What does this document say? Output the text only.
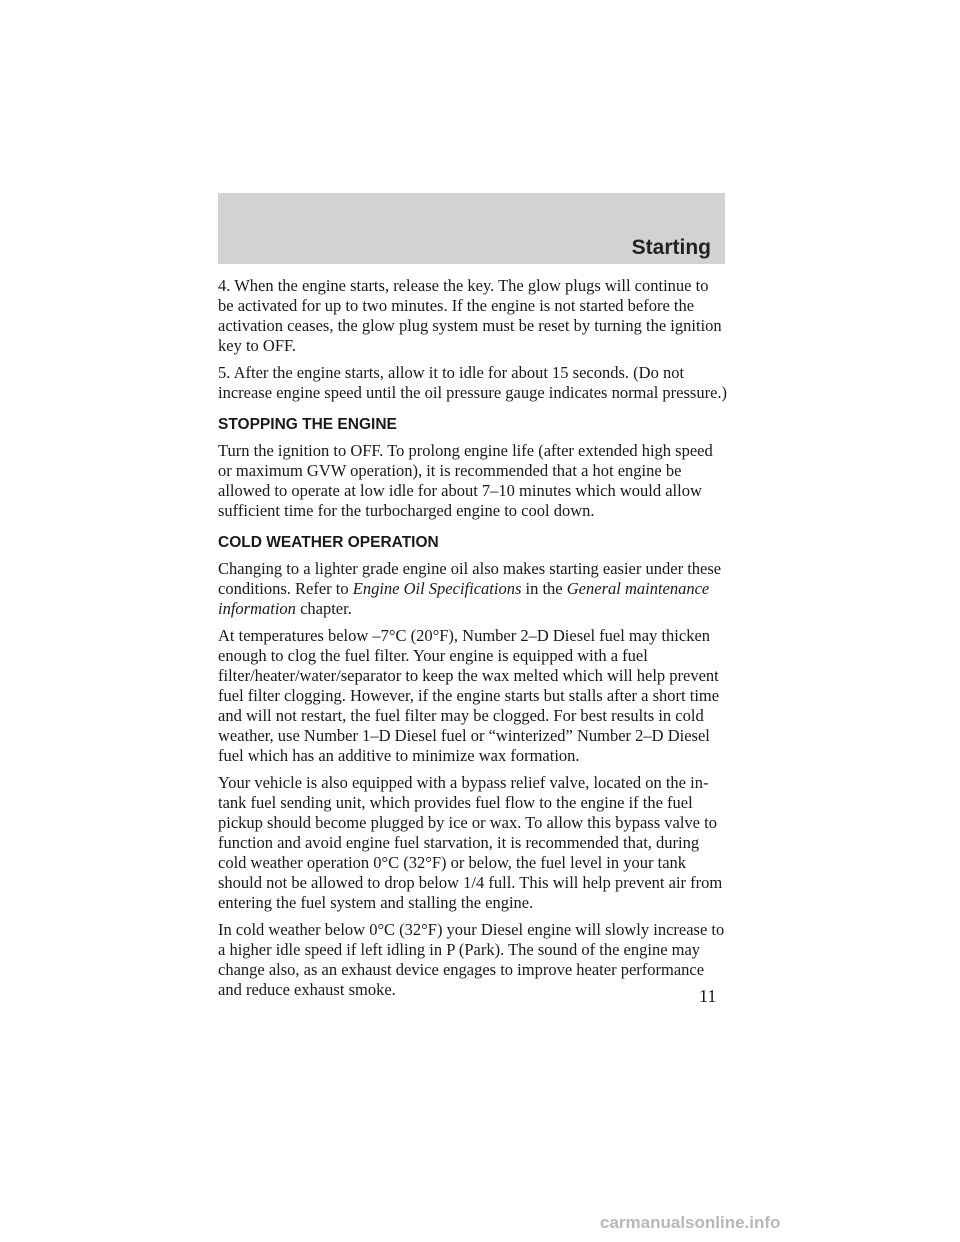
Starting

4. When the engine starts, release the key. The glow plugs will continue to be activated for up to two minutes. If the engine is not started before the activation ceases, the glow plug system must be reset by turning the ignition key to OFF.

5. After the engine starts, allow it to idle for about 15 seconds. (Do not increase engine speed until the oil pressure gauge indicates normal pressure.)

STOPPING THE ENGINE

Turn the ignition to OFF. To prolong engine life (after extended high speed or maximum GVW operation), it is recommended that a hot engine be allowed to operate at low idle for about 7–10 minutes which would allow sufficient time for the turbocharged engine to cool down.

COLD WEATHER OPERATION

Changing to a lighter grade engine oil also makes starting easier under these conditions. Refer to Engine Oil Specifications in the General maintenance information chapter.

At temperatures below –7°C (20°F), Number 2–D Diesel fuel may thicken enough to clog the fuel filter. Your engine is equipped with a fuel filter/heater/water/separator to keep the wax melted which will help prevent fuel filter clogging. However, if the engine starts but stalls after a short time and will not restart, the fuel filter may be clogged. For best results in cold weather, use Number 1–D Diesel fuel or “winterized” Number 2–D Diesel fuel which has an additive to minimize wax formation.

Your vehicle is also equipped with a bypass relief valve, located on the in-tank fuel sending unit, which provides fuel flow to the engine if the fuel pickup should become plugged by ice or wax. To allow this bypass valve to function and avoid engine fuel starvation, it is recommended that, during cold weather operation 0°C (32°F) or below, the fuel level in your tank should not be allowed to drop below 1/4 full. This will help prevent air from entering the fuel system and stalling the engine.

In cold weather below 0°C (32°F) your Diesel engine will slowly increase to a higher idle speed if left idling in P (Park). The sound of the engine may change also, as an exhaust device engages to improve heater performance and reduce exhaust smoke.	11
carmanualsonline.info
